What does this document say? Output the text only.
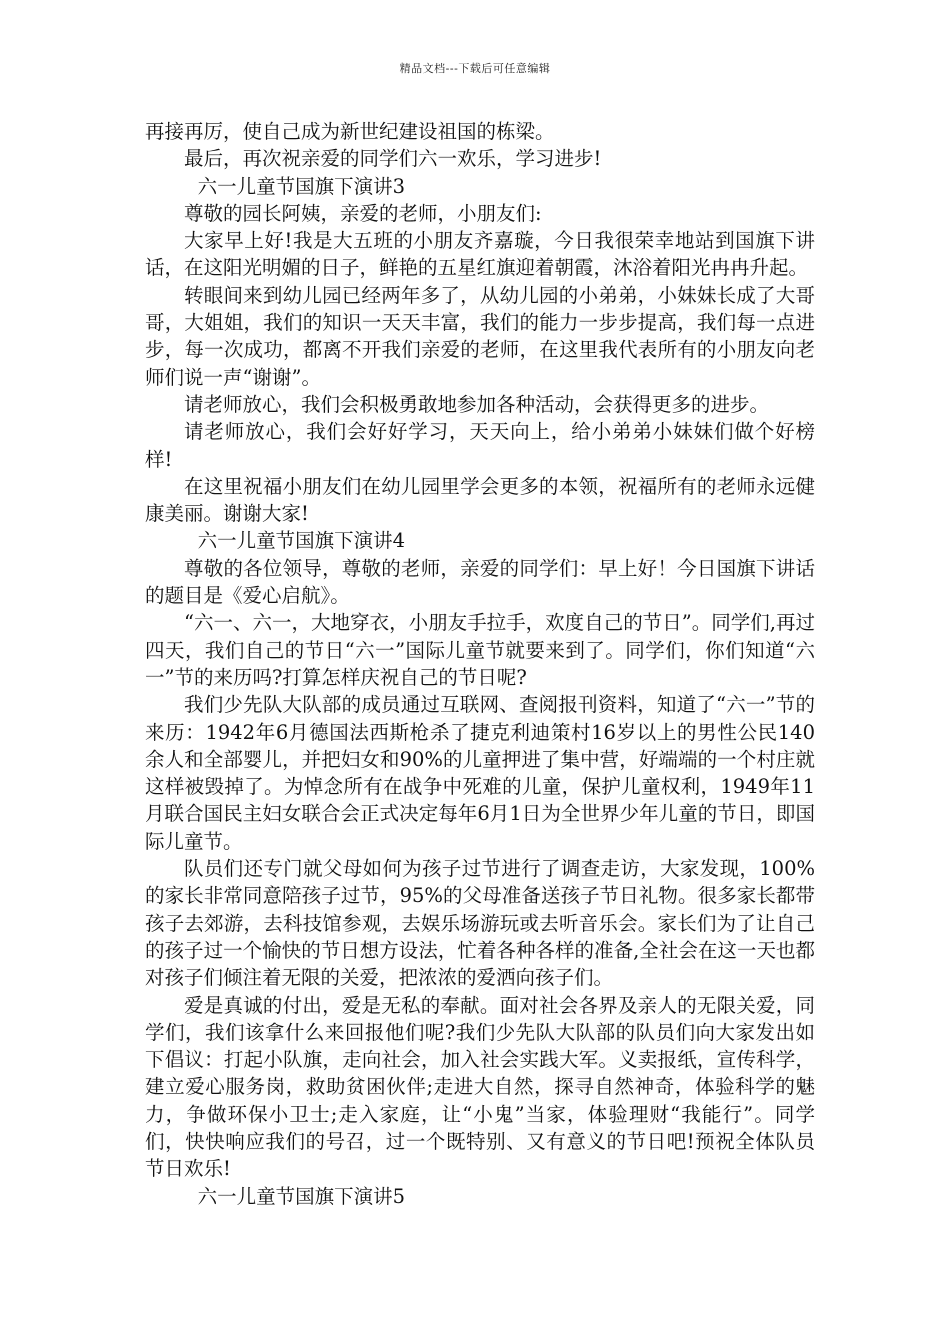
精品文档---下载后可任意编辑

再接再厉，使自己成为新世纪建设祖国的栋梁。

最后，再次祝亲爱的同学们六一欢乐，学习进步!

六一儿童节国旗下演讲3

尊敬的园长阿姨，亲爱的老师，小朋友们:

大家早上好!我是大五班的小朋友齐嘉璇，今日我很荣幸地站到国旗下讲话，在这阳光明媚的日子，鲜艳的五星红旗迎着朝霞，沐浴着阳光冉冉升起。

转眼间来到幼儿园已经两年多了，从幼儿园的小弟弟，小妹妹长成了大哥哥，大姐姐，我们的知识一天天丰富，我们的能力一步步提高，我们每一点进步，每一次成功，都离不开我们亲爱的老师，在这里我代表所有的小朋友向老师们说一声“谢谢”。

请老师放心，我们会积极勇敢地参加各种活动，会获得更多的进步。

请老师放心，我们会好好学习，天天向上，给小弟弟小妹妹们做个好榜样!

在这里祝福小朋友们在幼儿园里学会更多的本领，祝福所有的老师永远健康美丽。谢谢大家!

六一儿童节国旗下演讲4

尊敬的各位领导，尊敬的老师，亲爱的同学们：早上好！今日国旗下讲话的题目是《爱心启航》。

“六一、六一，大地穿衣，小朋友手拉手，欢度自己的节日”。同学们,再过四天，我们自己的节日“六一”国际儿童节就要来到了。同学们，你们知道“六一”节的来历吗?打算怎样庆祝自己的节日呢?

我们少先队大队部的成员通过互联网、查阅报刊资料，知道了“六一”节的来历：1942年6月德国法西斯枪杀了捷克利迪策村16岁以上的男性公民140余人和全部婴儿，并把妇女和90%的儿童押进了集中营，好端端的一个村庄就这样被毁掉了。为悼念所有在战争中死难的儿童，保护儿童权利，1949年11月联合国民主妇女联合会正式决定每年6月1日为全世界少年儿童的节日，即国际儿童节。

队员们还专门就父母如何为孩子过节进行了调查走访，大家发现，100%的家长非常同意陪孩子过节，95%的父母准备送孩子节日礼物。很多家长都带孩子去郊游，去科技馆参观，去娱乐场游玩或去听音乐会。家长们为了让自己的孩子过一个愉快的节日想方设法，忙着各种各样的准备,全社会在这一天也都对孩子们倾注着无限的关爱，把浓浓的爱洒向孩子们。

爱是真诚的付出，爱是无私的奉献。面对社会各界及亲人的无限关爱，同学们，我们该拿什么来回报他们呢?我们少先队大队部的队员们向大家发出如下倡议：打起小队旗，走向社会，加入社会实践大军。义卖报纸，宣传科学，建立爱心服务岗，救助贫困伙伴;走进大自然，探寻自然神奇，体验科学的魅力，争做环保小卫士;走入家庭，让“小鬼”当家，体验理财“我能行”。同学们，快快响应我们的号召，过一个既特别、又有意义的节日吧!预祝全体队员节日欢乐!

六一儿童节国旗下演讲5
